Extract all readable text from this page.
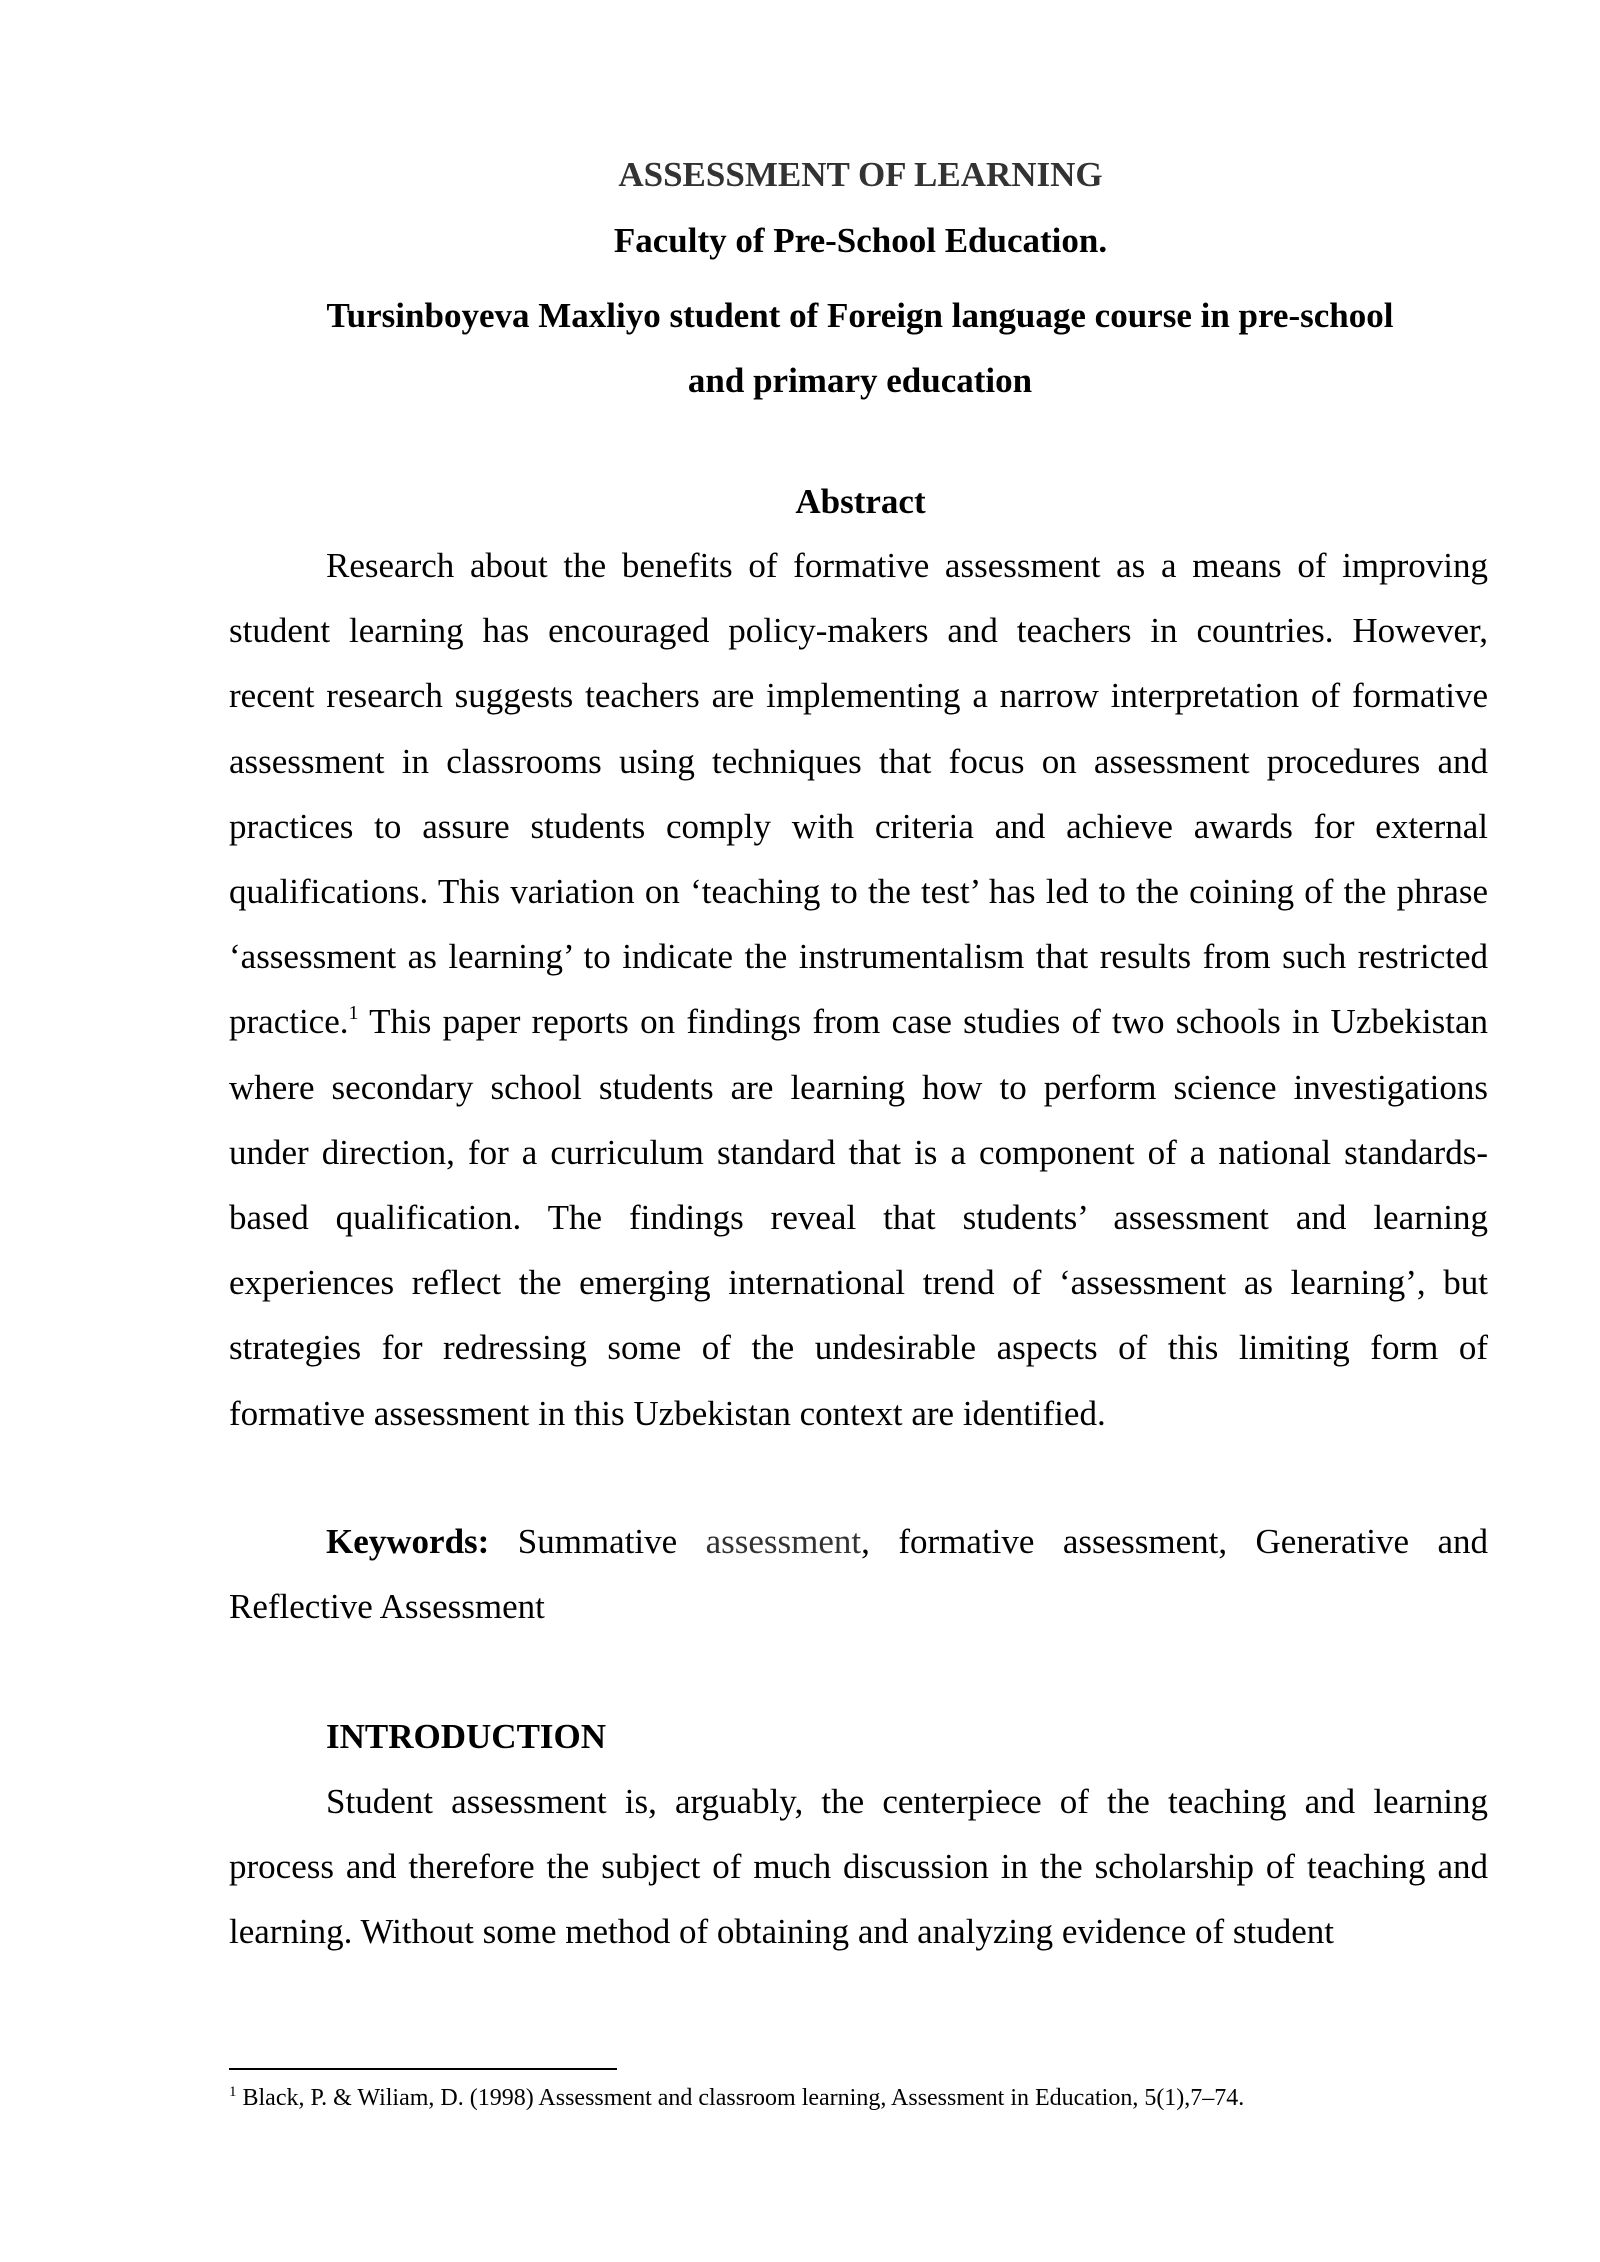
ASSESSMENT OF LEARNING

Faculty of Pre-School Education.

Tursinboyeva Maxliyo student of Foreign language course in pre-school and primary education

Abstract

Research about the benefits of formative assessment as a means of improving student learning has encouraged policy-makers and teachers in countries. However, recent research suggests teachers are implementing a narrow interpretation of formative assessment in classrooms using techniques that focus on assessment procedures and practices to assure students comply with criteria and achieve awards for external qualifications. This variation on ‘teaching to the test’ has led to the coining of the phrase ‘assessment as learning’ to indicate the instrumentalism that results from such restricted practice.$^1$ This paper reports on findings from case studies of two schools in Uzbekistan where secondary school students are learning how to perform science investigations under direction, for a curriculum standard that is a component of a national standards-based qualification. The findings reveal that students’ assessment and learning experiences reflect the emerging international trend of ‘assessment as learning’, but strategies for redressing some of the undesirable aspects of this limiting form of formative assessment in this Uzbekistan context are identified.

Keywords: Summative assessment, formative assessment, Generative and Reflective Assessment

INTRODUCTION

Student assessment is, arguably, the centerpiece of the teaching and learning process and therefore the subject of much discussion in the scholarship of teaching and learning. Without some method of obtaining and analyzing evidence of student

$^1$ Black, P. & Wiliam, D. (1998) Assessment and classroom learning, Assessment in Education, 5(1),7–74.
